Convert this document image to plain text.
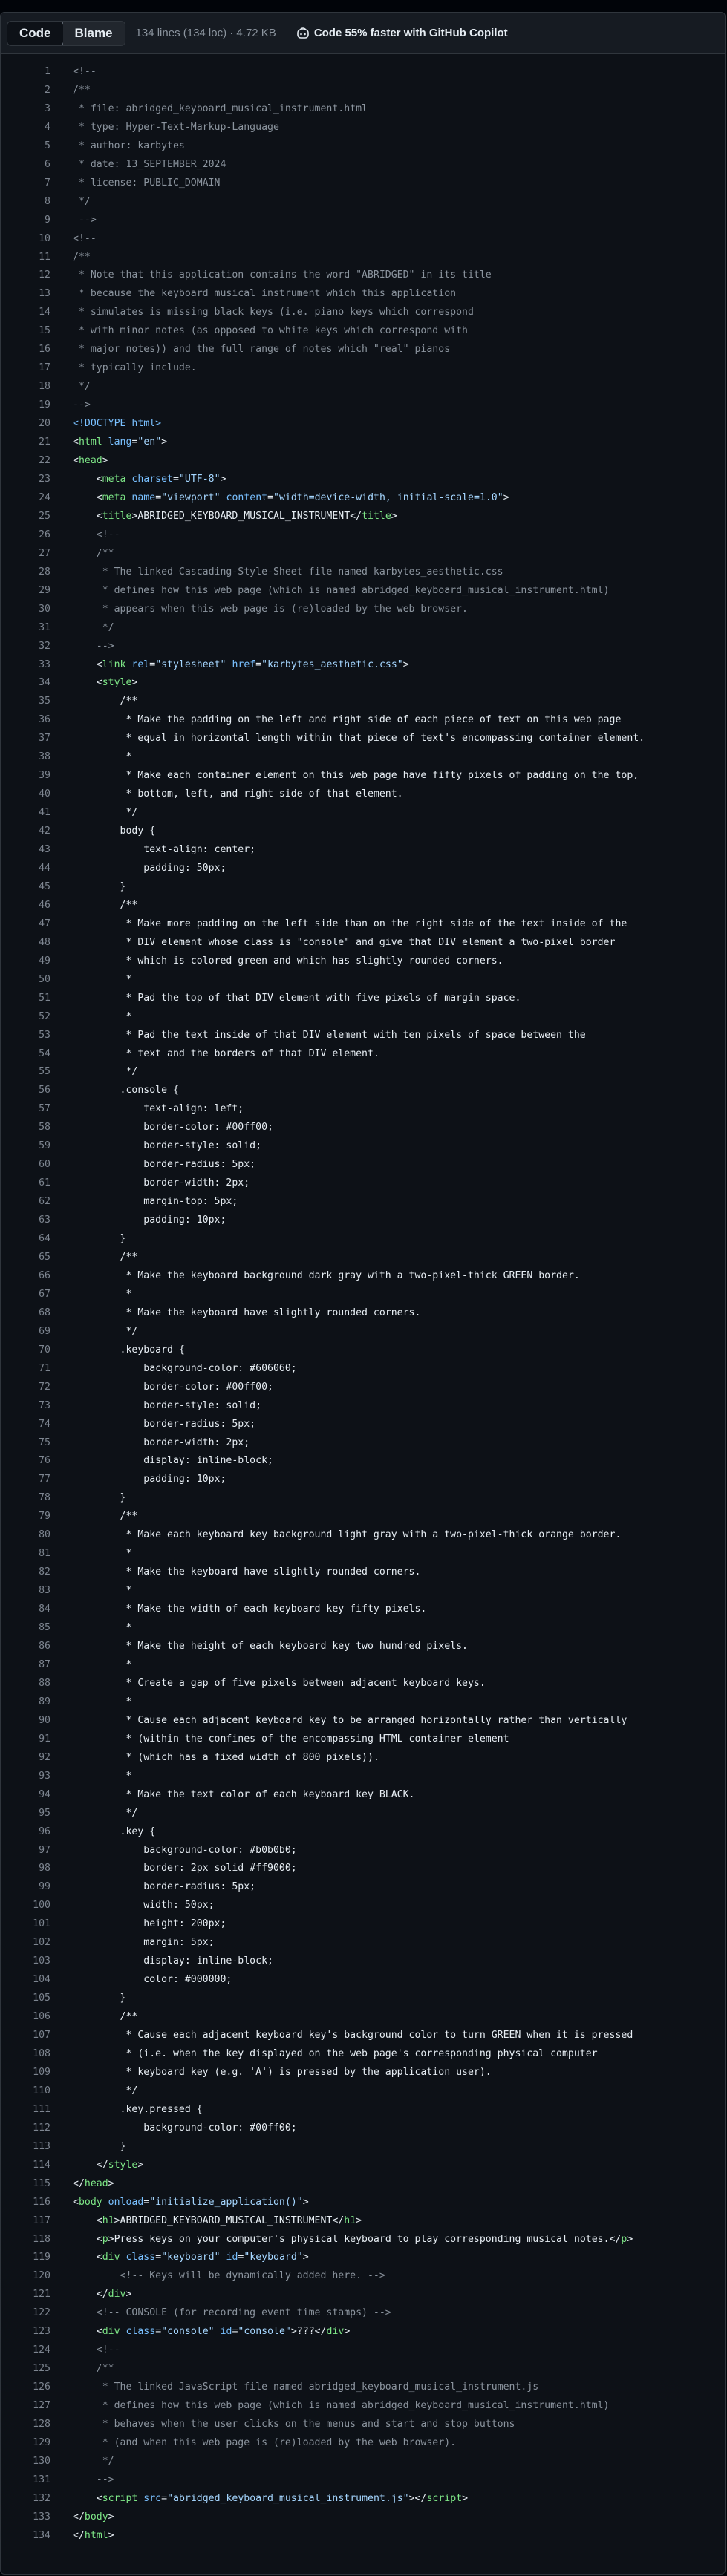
Code	Blame	134 lines (134 loc) · 4.72 KB	Code 55% faster with GitHub Copilot
1	<!--
2	/**
3	* file: abridged_keyboard_musical_instrument.html
4	* type: Hyper-Text-Markup-Language
5	* author: karbytes
6	* date: 13_SEPTEMBER_2024
7	* license: PUBLIC_DOMAIN
8	*/
9	-->
10	<!--
11	/**
12	* Note that this application contains the word "ABRIDGED" in its title
13	* because the keyboard musical instrument which this application
14	* simulates is missing black keys (i.e. piano keys which correspond
15	* with minor notes (as opposed to white keys which correspond with
16	* major notes)) and the full range of notes which "real" pianos
17	* typically include.
18	*/
19	-->
20	<!DOCTYPE html>
21	<html lang="en">
22	<head>
23	<meta charset="UTF-8">
24	<meta name="viewport" content="width=device-width, initial-scale=1.0">
25	<title>ABRIDGED_KEYBOARD_MUSICAL_INSTRUMENT</title>
26	<!--
27	/**
28	* The linked Cascading-Style-Sheet file named karbytes_aesthetic.css
29	* defines how this web page (which is named abridged_keyboard_musical_instrument.html)
30	* appears when this web page is (re)loaded by the web browser.
31	*/
32	-->
33	<link rel="stylesheet" href="karbytes_aesthetic.css">
34	<style>
35	/**
36	* Make the padding on the left and right side of each piece of text on this web page
37	* equal in horizontal length within that piece of text's encompassing container element.
38	*
39	* Make each container element on this web page have fifty pixels of padding on the top,
40	* bottom, left, and right side of that element.
41	*/
42	body {
43	text-align: center;
44	padding: 50px;
45	}
46	/**
47	* Make more padding on the left side than on the right side of the text inside of the
48	* DIV element whose class is "console" and give that DIV element a two-pixel border
49	* which is colored green and which has slightly rounded corners.
50	*
51	* Pad the top of that DIV element with five pixels of margin space.
52	*
53	* Pad the text inside of that DIV element with ten pixels of space between the
54	* text and the borders of that DIV element.
55	*/
56	.console {
57	text-align: left;
58	border-color: #00ff00;
59	border-style: solid;
60	border-radius: 5px;
61	border-width: 2px;
62	margin-top: 5px;
63	padding: 10px;
64	}
65	/**
66	* Make the keyboard background dark gray with a two-pixel-thick GREEN border.
67	*
68	* Make the keyboard have slightly rounded corners.
69	*/
70	.keyboard {
71	background-color: #606060;
72	border-color: #00ff00;
73	border-style: solid;
74	border-radius: 5px;
75	border-width: 2px;
76	display: inline-block;
77	padding: 10px;
78	}
79	/**
80	* Make each keyboard key background light gray with a two-pixel-thick orange border.
81	*
82	* Make the keyboard have slightly rounded corners.
83	*
84	* Make the width of each keyboard key fifty pixels.
85	*
86	* Make the height of each keyboard key two hundred pixels.
87	*
88	* Create a gap of five pixels between adjacent keyboard keys.
89	*
90	* Cause each adjacent keyboard key to be arranged horizontally rather than vertically
91	* (within the confines of the encompassing HTML container element
92	* (which has a fixed width of 800 pixels)).
93	*
94	* Make the text color of each keyboard key BLACK.
95	*/
96	.key {
97	background-color: #b0b0b0;
98	border: 2px solid #ff9000;
99	border-radius: 5px;
100	width: 50px;
101	height: 200px;
102	margin: 5px;
103	display: inline-block;
104	color: #000000;
105	}
106	/**
107	* Cause each adjacent keyboard key's background color to turn GREEN when it is pressed
108	* (i.e. when the key displayed on the web page's corresponding physical computer
109	* keyboard key (e.g. 'A') is pressed by the application user).
110	*/
111	.key.pressed {
112	background-color: #00ff00;
113	}
114	</style>
115	</head>
116	<body onload="initialize_application()">
117	<h1>ABRIDGED_KEYBOARD_MUSICAL_INSTRUMENT</h1>
118	<p>Press keys on your computer's physical keyboard to play corresponding musical notes.</p>
119	<div class="keyboard" id="keyboard">
120	<!-- Keys will be dynamically added here. -->
121	</div>
122	<!-- CONSOLE (for recording event time stamps) -->
123	<div class="console" id="console">???</div>
124	<!--
125	/**
126	* The linked JavaScript file named abridged_keyboard_musical_instrument.js
127	* defines how this web page (which is named abridged_keyboard_musical_instrument.html)
128	* behaves when the user clicks on the menus and start and stop buttons
129	* (and when this web page is (re)loaded by the web browser).
130	*/
131	-->
132	<script src="abridged_keyboard_musical_instrument.js"></script>
133	</body>
134	</html>
